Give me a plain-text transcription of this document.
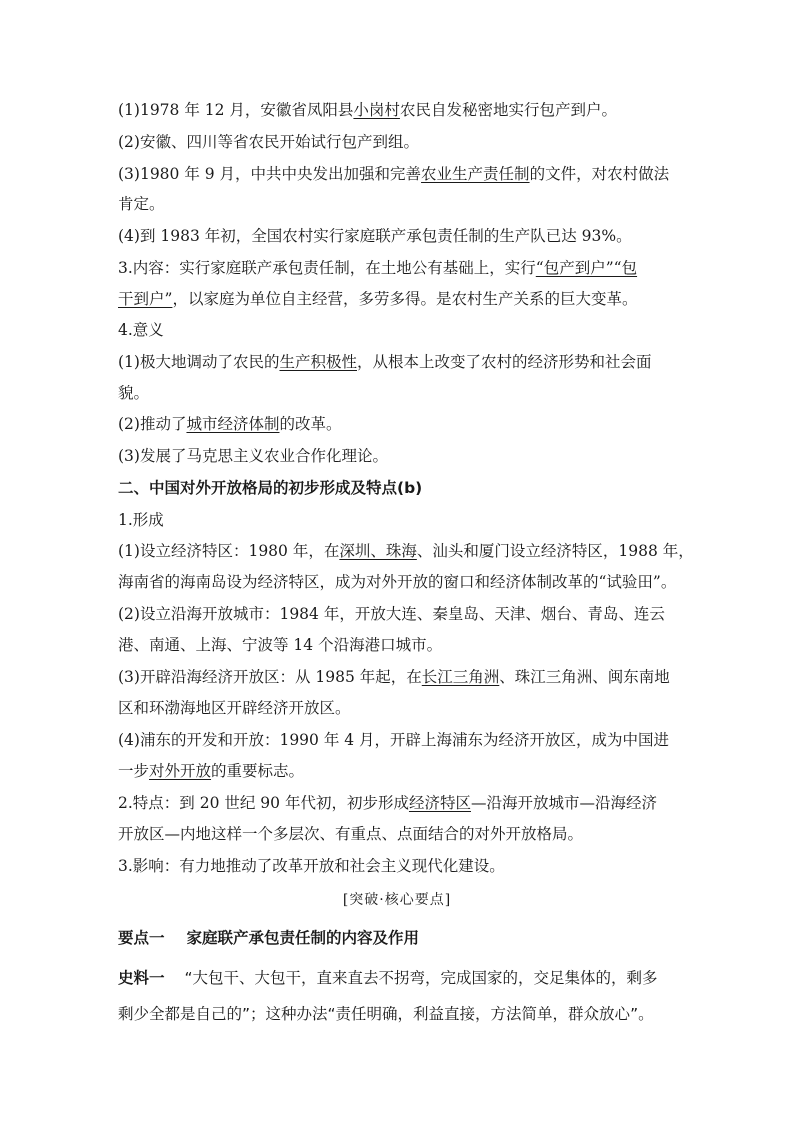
(1)1978 年 12 月，安徽省凤阳县小岗村农民自发秘密地实行包产到户。
(2)安徽、四川等省农民开始试行包产到组。
(3)1980 年 9 月，中共中央发出加强和完善农业生产责任制的文件，对农村做法
肯定。
(4)到 1983 年初，全国农村实行家庭联产承包责任制的生产队已达 93%。
3.内容：实行家庭联产承包责任制，在土地公有基础上，实行“包产到户”“包
干到户”，以家庭为单位自主经营，多劳多得。是农村生产关系的巨大变革。
4.意义
(1)极大地调动了农民的生产积极性，从根本上改变了农村的经济形势和社会面
貌。
(2)推动了城市经济体制的改革。
(3)发展了马克思主义农业合作化理论。
二、中国对外开放格局的初步形成及特点(b)
1.形成
(1)设立经济特区：1980 年，在深圳、珠海、汕头和厦门设立经济特区，1988 年，
海南省的海南岛设为经济特区，成为对外开放的窗口和经济体制改革的“试验田”。
(2)设立沿海开放城市：1984 年，开放大连、秦皇岛、天津、烟台、青岛、连云
港、南通、上海、宁波等 14 个沿海港口城市。
(3)开辟沿海经济开放区：从 1985 年起，在长江三角洲、珠江三角洲、闽东南地
区和环渤海地区开辟经济开放区。
(4)浦东的开发和开放：1990 年 4 月，开辟上海浦东为经济开放区，成为中国进
一步对外开放的重要标志。
2.特点：到 20 世纪 90 年代初，初步形成经济特区—沿海开放城市—沿海经济
开放区—内地这样一个多层次、有重点、点面结合的对外开放格局。
3.影响：有力地推动了改革开放和社会主义现代化建设。
[突破·核心要点]
要点一 家庭联产承包责任制的内容及作用
史料一 “大包干、大包干，直来直去不拐弯，完成国家的，交足集体的，剩多
剩少全都是自己的”；这种办法“责任明确，利益直接，方法简单，群众放心”。
